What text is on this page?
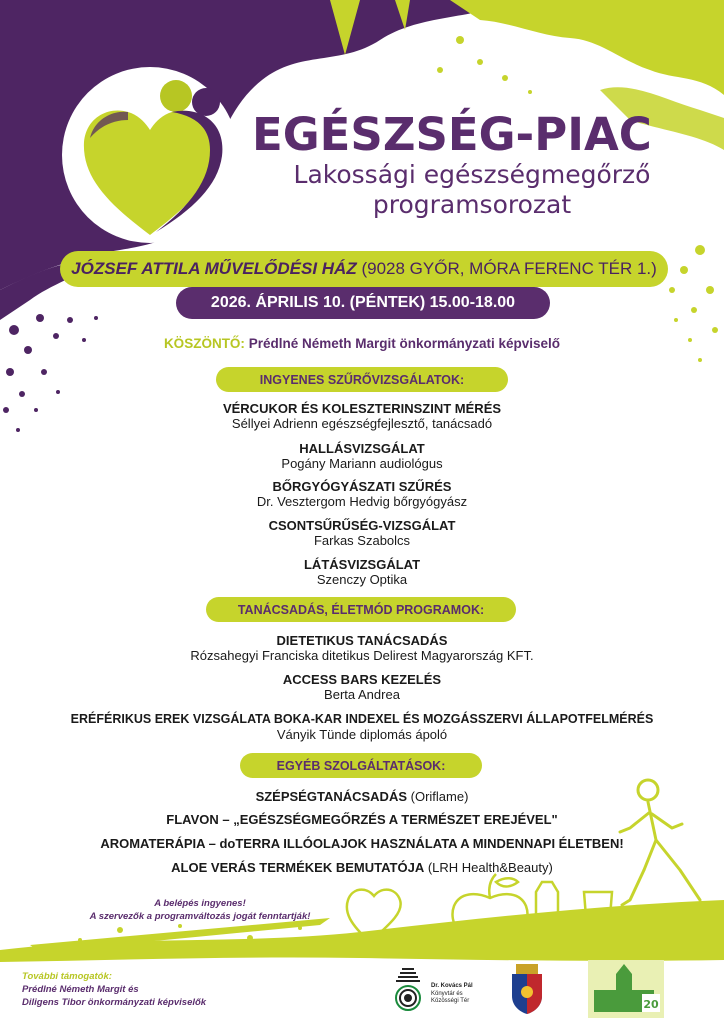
EGÉSZSÉG-PIAC
Lakossági egészségmegőrző
programsorozat
JÓZSEF ATTILA MŰVELŐDÉSI HÁZ
(9028 GYŐR, MÓRA FERENC TÉR 1.)
2026. ÁPRILIS 10. (PÉNTEK) 15.00-18.00
KÖSZÖNTŐ: Prédlné Németh Margit önkormányzati képviselő
INGYENES SZŰRŐVIZSGÁLATOK:
VÉRCUKOR ÉS KOLESZTERINSZINT MÉRÉS
Séllyei Adrienn egészségfejlesztő, tanácsadó
HALLÁSVIZSGÁLAT
Pogány Mariann audiológus
BŐRGYÓGYÁSZATI SZŰRÉS
Dr. Vesztergom Hedvig bőrgyógyász
CSONTSŰRŰSÉG-VIZSGÁLAT
Farkas Szabolcs
LÁTÁSVIZSGÁLAT
Szenczy Optika
TANÁCSADÁS, ÉLETMÓD PROGRAMOK:
DIETETIKUS TANÁCSADÁS
Rózsahegyi Franciska ditetikus Delirest Magyarország KFT.
ACCESS BARS KEZELÉS
Berta Andrea
ERÉFÉRIKUS EREK VIZSGÁLATA BOKA-KAR INDEXEL ÉS MOZGÁSSZERVI ÁLLAPOTFELMÉRÉS
Ványik Tünde diplomás ápoló
EGYÉB SZOLGÁLTATÁSOK:
SZÉPSÉGTANÁCSADÁS (Oriflame)
FLAVON – „EGÉSZSÉGMEGŐRZÉS A TERMÉSZET EREJÉVEL"
AROMATERÁPIA – doTERRA ILLÓOLAJOK HASZNÁLATA A MINDENNAPI ÉLETBEN!
ALOE VERÁS TERMÉKEK BEMUTATÓJA (LRH Health&Beauty)
A belépés ingyenes!
A szervezők a programváltozás jogát fenntartják!
További támogatók:
Prédlné Németh Margit és
Diligens Tibor önkormányzati képviselők
Dr. Kovács Pál
Könyvtár és
Közösségi Tér	20
